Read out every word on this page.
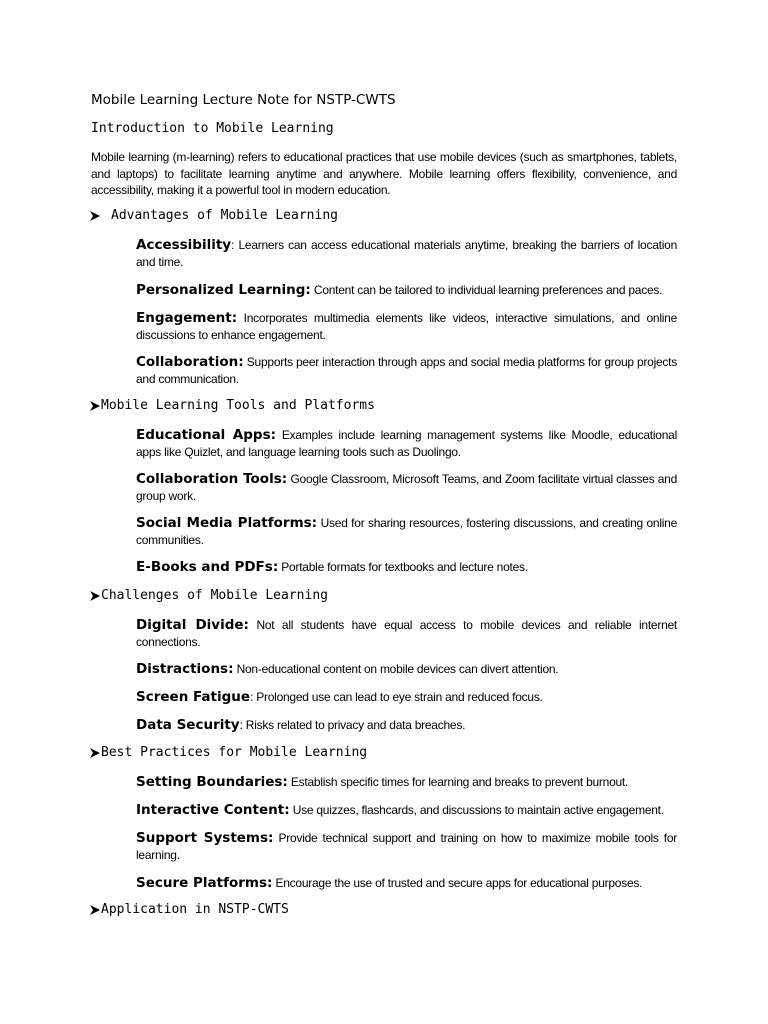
Mobile Learning Lecture Note for NSTP-CWTS
Introduction to Mobile Learning

Mobile learning (m-learning) refers to educational practices that use mobile devices (such as smartphones, tablets, and laptops) to facilitate learning anytime and anywhere. Mobile learning offers flexibility, convenience, and accessibility, making it a powerful tool in modern education.

Advantages of Mobile Learning

Accessibility: Learners can access educational materials anytime, breaking the barriers of location and time.

Personalized Learning: Content can be tailored to individual learning preferences and paces.

Engagement: Incorporates multimedia elements like videos, interactive simulations, and online discussions to enhance engagement.

Collaboration: Supports peer interaction through apps and social media platforms for group projects and communication.

Mobile Learning Tools and Platforms

Educational Apps: Examples include learning management systems like Moodle, educational apps like Quizlet, and language learning tools such as Duolingo.

Collaboration Tools: Google Classroom, Microsoft Teams, and Zoom facilitate virtual classes and group work.

Social Media Platforms: Used for sharing resources, fostering discussions, and creating online communities.

E-Books and PDFs: Portable formats for textbooks and lecture notes.

Challenges of Mobile Learning

Digital Divide: Not all students have equal access to mobile devices and reliable internet connections.

Distractions: Non-educational content on mobile devices can divert attention.

Screen Fatigue: Prolonged use can lead to eye strain and reduced focus.

Data Security: Risks related to privacy and data breaches.

Best Practices for Mobile Learning

Setting Boundaries: Establish specific times for learning and breaks to prevent burnout.

Interactive Content: Use quizzes, flashcards, and discussions to maintain active engagement.

Support Systems: Provide technical support and training on how to maximize mobile tools for learning.

Secure Platforms: Encourage the use of trusted and secure apps for educational purposes.

Application in NSTP-CWTS
